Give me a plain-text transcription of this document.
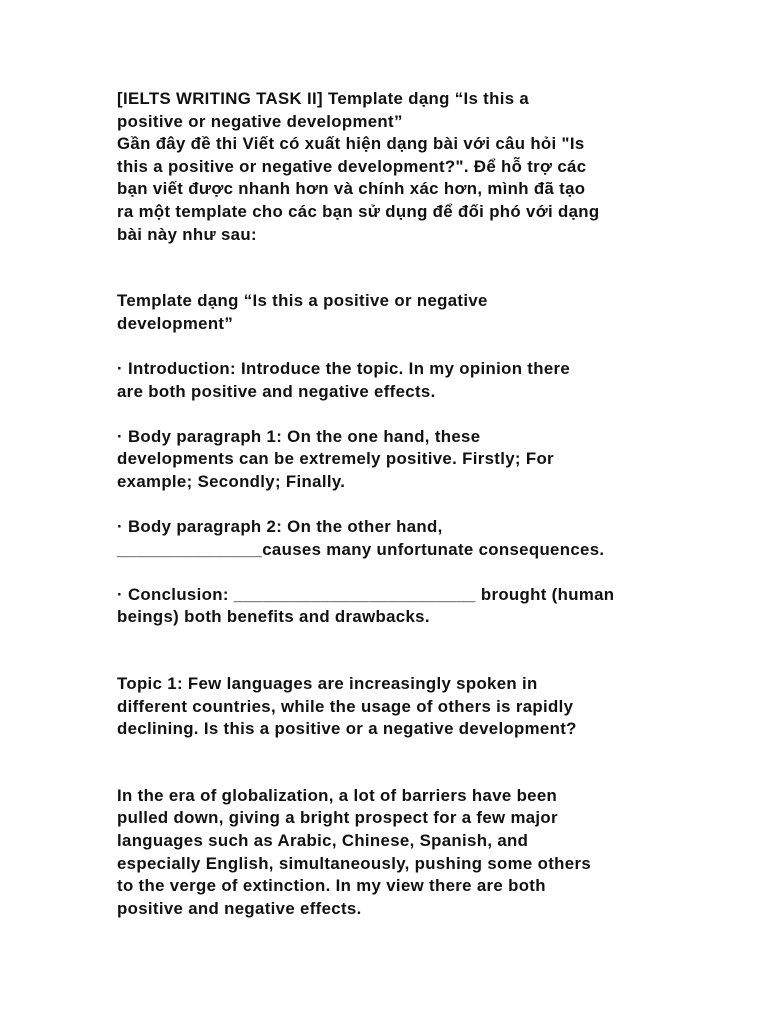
[IELTS WRITING TASK II] Template dạng “Is this a

positive or negative development”

Gần đây đề thi Viết có xuất hiện dạng bài với câu hỏi "Is

this a positive or negative development?". Để hỗ trợ các

bạn viết được nhanh hơn và chính xác hơn, mình đã tạo

ra một template cho các bạn sử dụng để đối phó với dạng

bài này như sau:

Template dạng “Is this a positive or negative

development”

· Introduction: Introduce the topic. In my opinion there

are both positive and negative effects.

· Body paragraph 1: On the one hand, these

developments can be extremely positive. Firstly; For

example; Secondly; Finally.

· Body paragraph 2: On the other hand,

_______________causes many unfortunate consequences.

· Conclusion: _________________________ brought (human

beings) both benefits and drawbacks.

Topic 1: Few languages are increasingly spoken in

different countries, while the usage of others is rapidly

declining. Is this a positive or a negative development?

In the era of globalization, a lot of barriers have been

pulled down, giving a bright prospect for a few major

languages such as Arabic, Chinese, Spanish, and

especially English, simultaneously, pushing some others

to the verge of extinction. In my view there are both

positive and negative effects.
